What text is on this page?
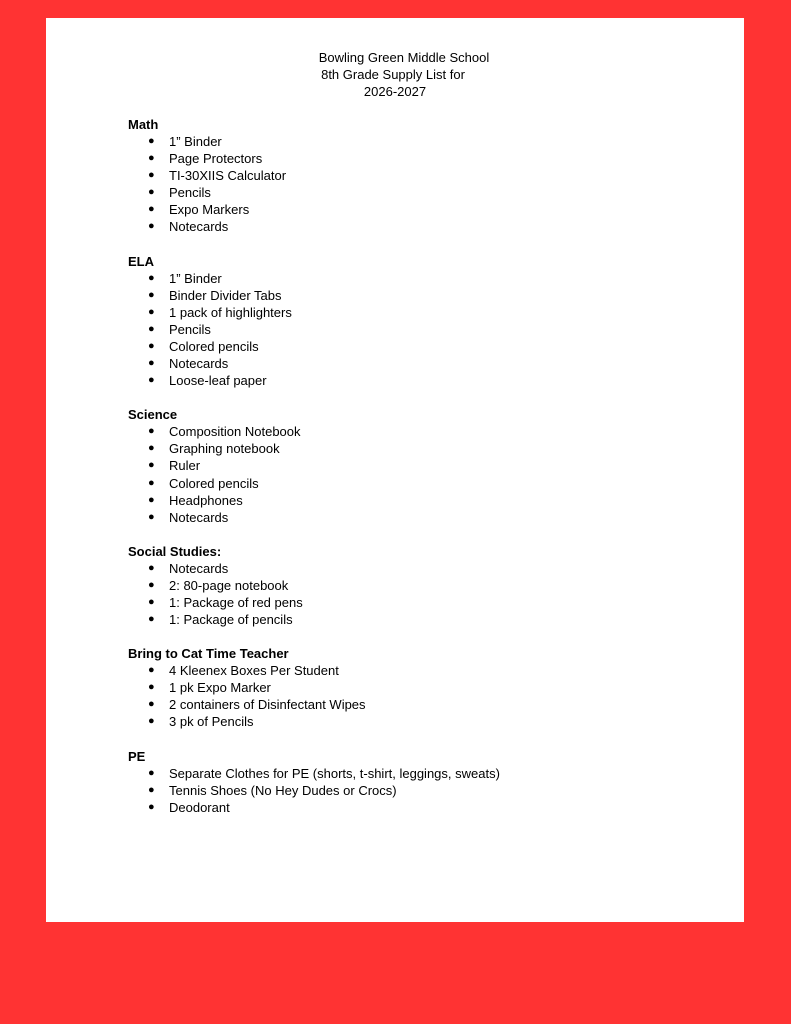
Bowling Green Middle School
8th Grade Supply List for
2026-2027
Math
● 1” Binder
● Page Protectors
● TI-30XIIS Calculator
● Pencils
● Expo Markers
● Notecards
ELA
● 1” Binder
● Binder Divider Tabs
● 1 pack of highlighters
● Pencils
● Colored pencils
● Notecards
● Loose-leaf paper
Science
● Composition Notebook
● Graphing notebook
● Ruler
● Colored pencils
● Headphones
● Notecards
Social Studies:
● Notecards
● 2: 80-page notebook
● 1: Package of red pens
● 1: Package of pencils
Bring to Cat Time Teacher
● 4 Kleenex Boxes Per Student
● 1 pk Expo Marker
● 2 containers of Disinfectant Wipes
● 3 pk of Pencils
PE
● Separate Clothes for PE (shorts, t-shirt, leggings, sweats)
● Tennis Shoes (No Hey Dudes or Crocs)
● Deodorant
